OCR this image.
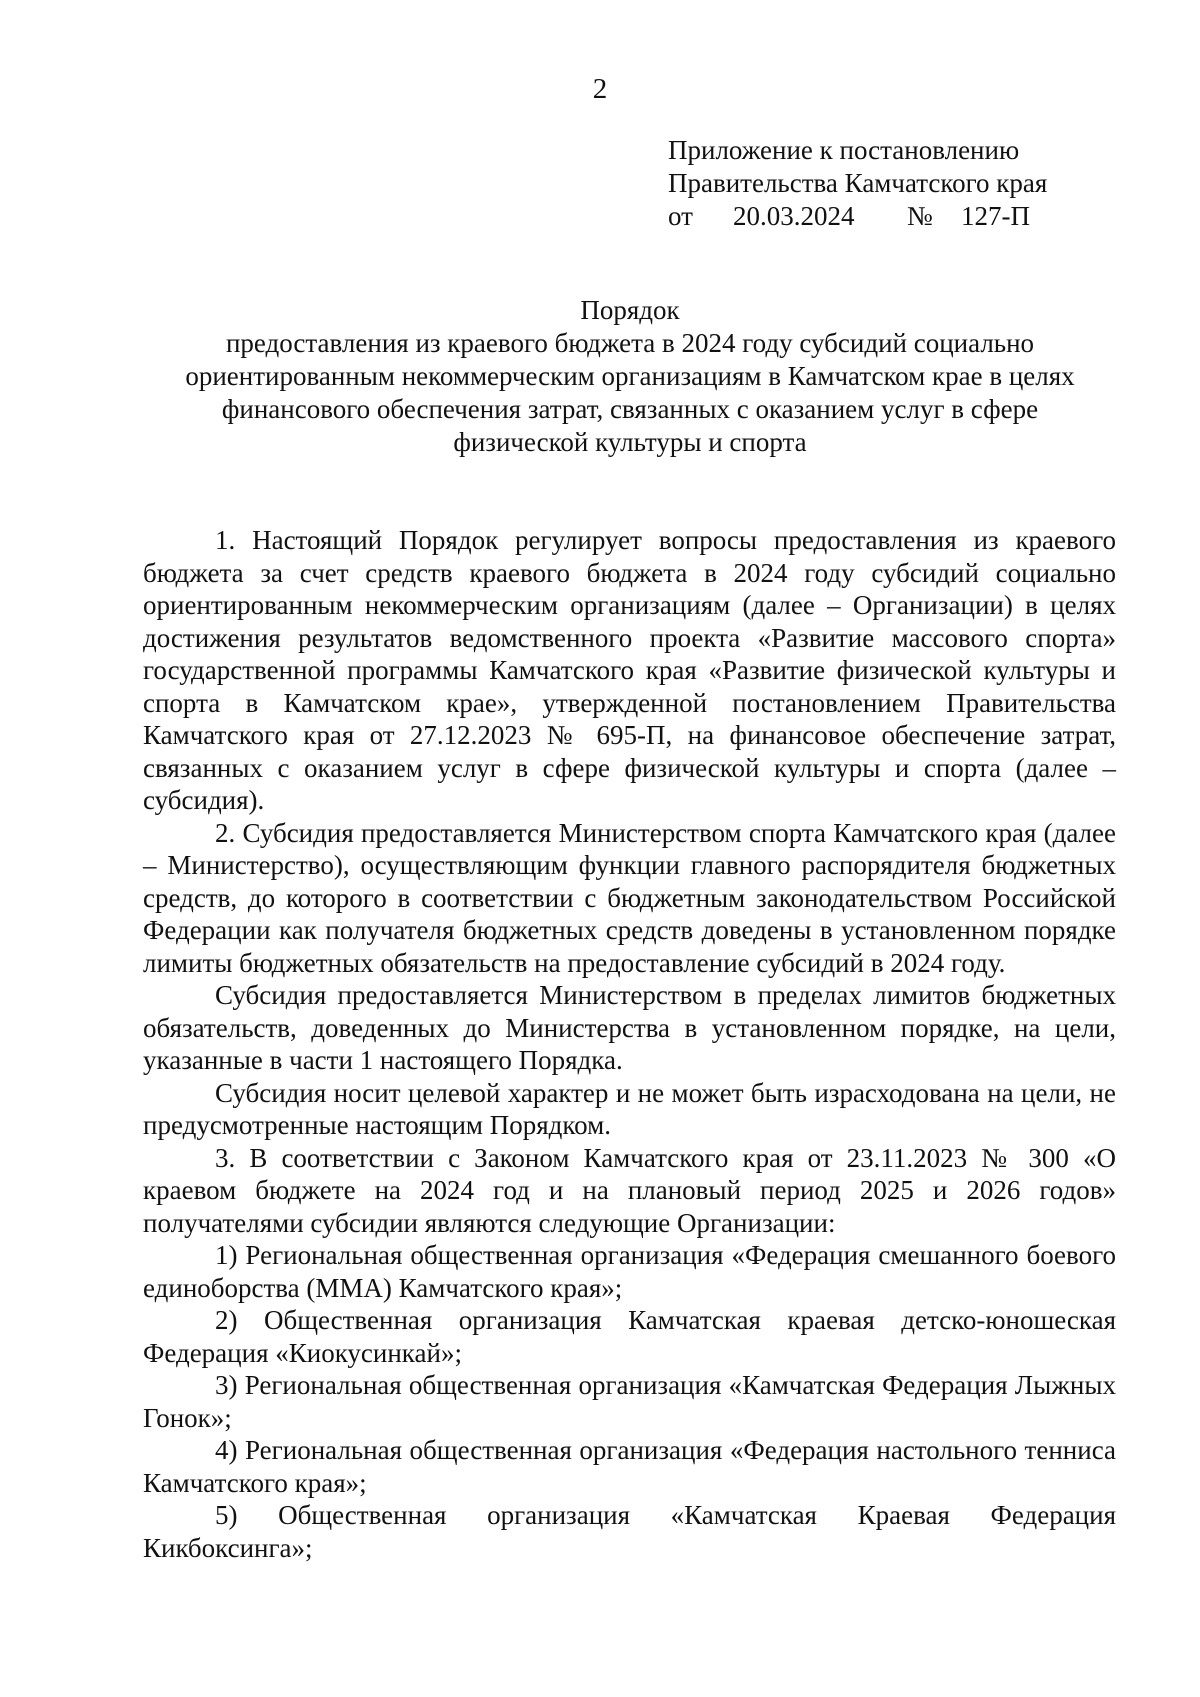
2
Приложение к постановлению
Правительства Камчатского края
от	20.03.2024	№	127-П
Порядок
предоставления из краевого бюджета в 2024 году субсидий социально
ориентированным некоммерческим организациям в Камчатском крае в целях
финансового обеспечения затрат, связанных с оказанием услуг в сфере
физической культуры и спорта

1. Настоящий Порядок регулирует вопросы предоставления из краевого бюджета за счет средств краевого бюджета в 2024 году субсидий социально ориентированным некоммерческим организациям (далее – Организации) в целях достижения результатов ведомственного проекта «Развитие массового спорта» государственной программы Камчатского края «Развитие физической культуры и спорта в Камчатском крае», утвержденной постановлением Правительства Камчатского края от 27.12.2023 № 695-П, на финансовое обеспечение затрат, связанных с оказанием услуг в сфере физической культуры и спорта (далее – субсидия).

2. Субсидия предоставляется Министерством спорта Камчатского края (далее – Министерство), осуществляющим функции главного распорядителя бюджетных средств, до которого в соответствии с бюджетным законодательством Российской Федерации как получателя бюджетных средств доведены в установленном порядке лимиты бюджетных обязательств на предоставление субсидий в 2024 году.

Субсидия предоставляется Министерством в пределах лимитов бюджетных обязательств, доведенных до Министерства в установленном порядке, на цели, указанные в части 1 настоящего Порядка.

Субсидия носит целевой характер и не может быть израсходована на цели, не предусмотренные настоящим Порядком.

3. В соответствии с Законом Камчатского края от 23.11.2023 № 300 «О краевом бюджете на 2024 год и на плановый период 2025 и 2026 годов» получателями субсидии являются следующие Организации:

1) Региональная общественная организация «Федерация смешанного боевого единоборства (ММА) Камчатского края»;

2) Общественная организация Камчатская краевая детско-юношеская Федерация «Киокусинкай»;

3) Региональная общественная организация «Камчатская Федерация Лыжных Гонок»;

4) Региональная общественная организация «Федерация настольного тенниса Камчатского края»;

5) Общественная организация «Камчатская Краевая Федерация Кикбоксинга»;
